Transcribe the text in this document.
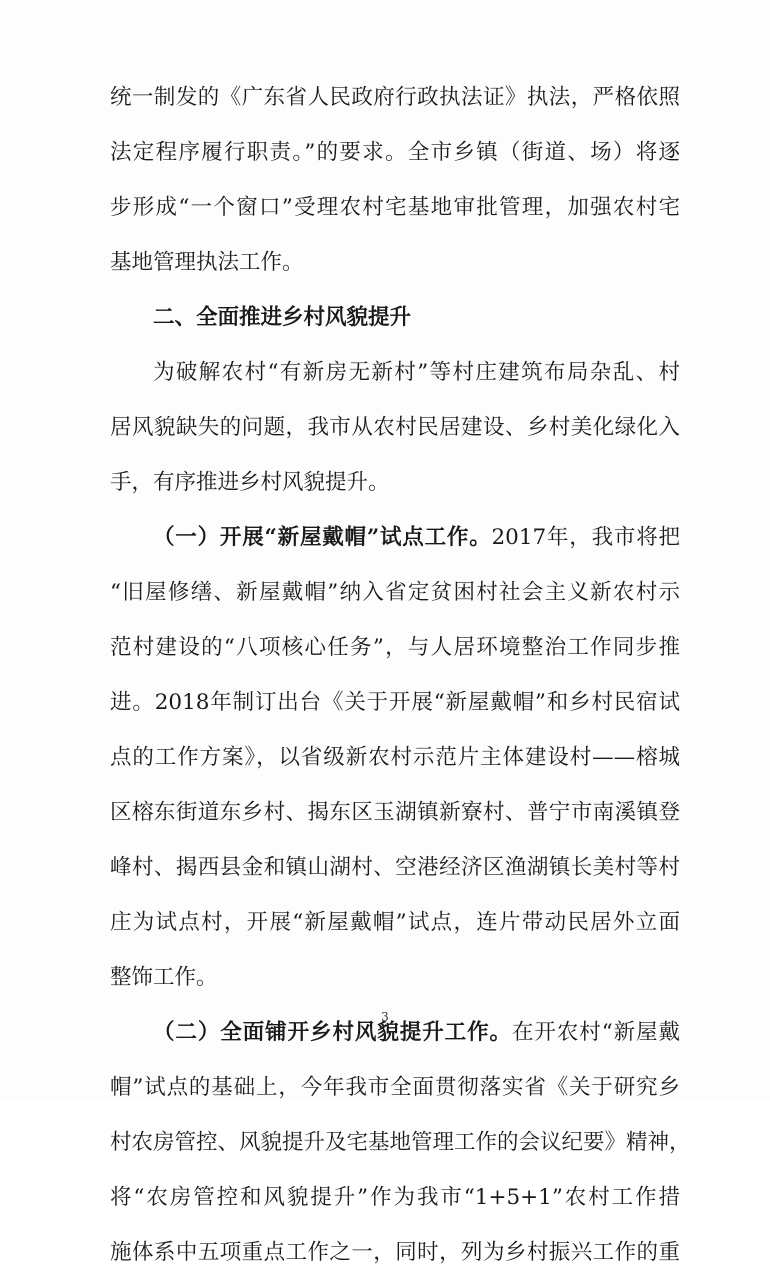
统一制发的《广东省人民政府行政执法证》执法，严格依照
法定程序履行职责。”的要求。全市乡镇（街道、场）将逐
步形成“一个窗口”受理农村宅基地审批管理，加强农村宅
基地管理执法工作。
二、全面推进乡村风貌提升
为破解农村“有新房无新村”等村庄建筑布局杂乱、村
居风貌缺失的问题，我市从农村民居建设、乡村美化绿化入
手，有序推进乡村风貌提升。
（一）开展“新屋戴帽”试点工作。2017年，我市将把
“旧屋修缮、新屋戴帽”纳入省定贫困村社会主义新农村示
范村建设的“八项核心任务”，与人居环境整治工作同步推
进。2018年制订出台《关于开展“新屋戴帽”和乡村民宿试
点的工作方案》，以省级新农村示范片主体建设村——榕城
区榕东街道东乡村、揭东区玉湖镇新寮村、普宁市南溪镇登
峰村、揭西县金和镇山湖村、空港经济区渔湖镇长美村等村
庄为试点村，开展“新屋戴帽”试点，连片带动民居外立面
整饰工作。
（二）全面铺开乡村风貌提升工作。在开农村“新屋戴
帽”试点的基础上，今年我市全面贯彻落实省《关于研究乡
村农房管控、风貌提升及宅基地管理工作的会议纪要》精神，
将“农房管控和风貌提升”作为我市“1+5+1”农村工作措
施体系中五项重点工作之一，同时，列为乡村振兴工作的重
3
